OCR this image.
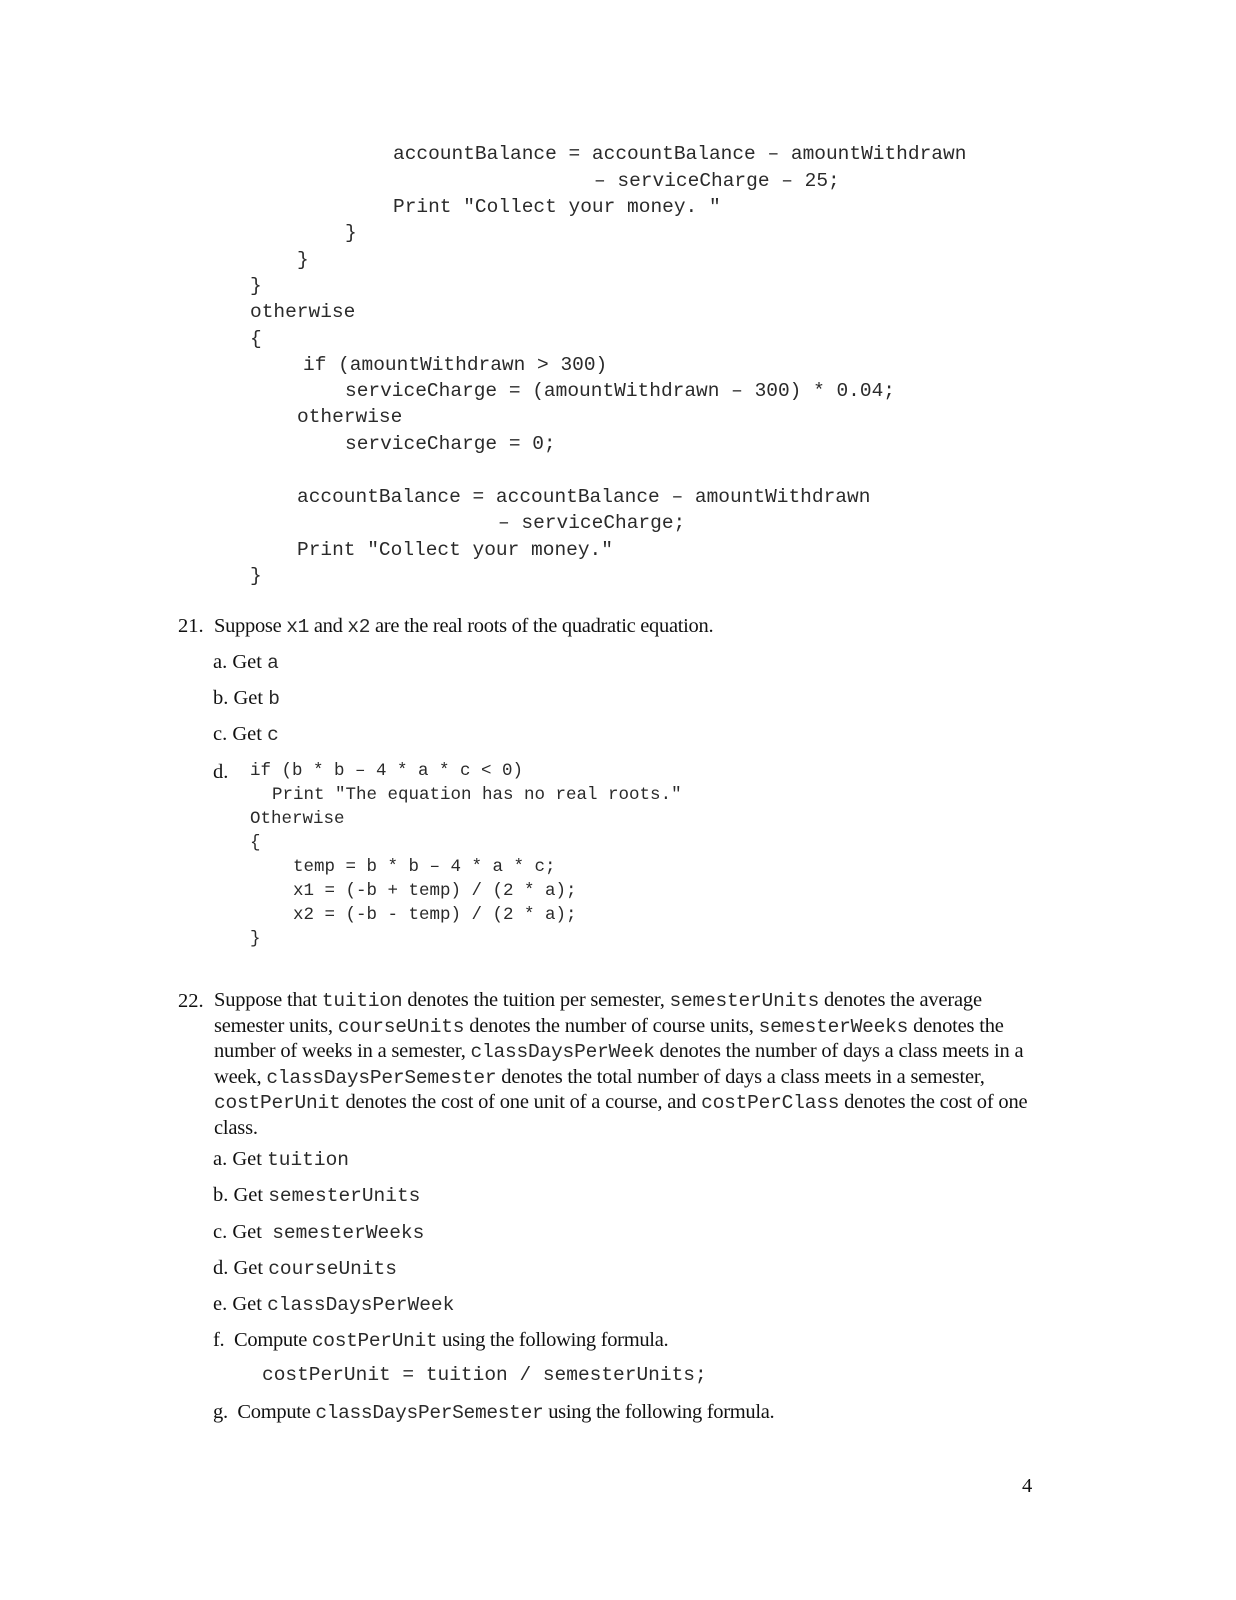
accountBalance = accountBalance – amountWithdrawn
– serviceCharge – 25;
Print "Collect your money. "
}
}
}
otherwise
{
if (amountWithdrawn > 300)
serviceCharge = (amountWithdrawn – 300) * 0.04;
otherwise
serviceCharge = 0;
accountBalance = accountBalance – amountWithdrawn
– serviceCharge;
Print "Collect your money."
}
21. Suppose x1 and x2 are the real roots of the quadratic equation.
a. Get a
b. Get b
c. Get c
d. if (b * b – 4 * a * c < 0)
Print "The equation has no real roots."
Otherwise
{
temp = b * b – 4 * a * c;
x1 = (-b + temp) / (2 * a);
x2 = (-b - temp) / (2 * a);
}
22. Suppose that tuition denotes the tuition per semester, semesterUnits denotes the average semester units, courseUnits denotes the number of course units, semesterWeeks denotes the number of weeks in a semester, classDaysPerWeek denotes the number of days a class meets in a week, classDaysPerSemester denotes the total number of days a class meets in a semester, costPerUnit denotes the cost of one unit of a course, and costPerClass denotes the cost of one class.
a. Get tuition
b. Get semesterUnits
c. Get  semesterWeeks
d. Get courseUnits
e. Get classDaysPerWeek
f.  Compute costPerUnit using the following formula.
costPerUnit = tuition / semesterUnits;
g.  Compute classDaysPerSemester using the following formula.
4
